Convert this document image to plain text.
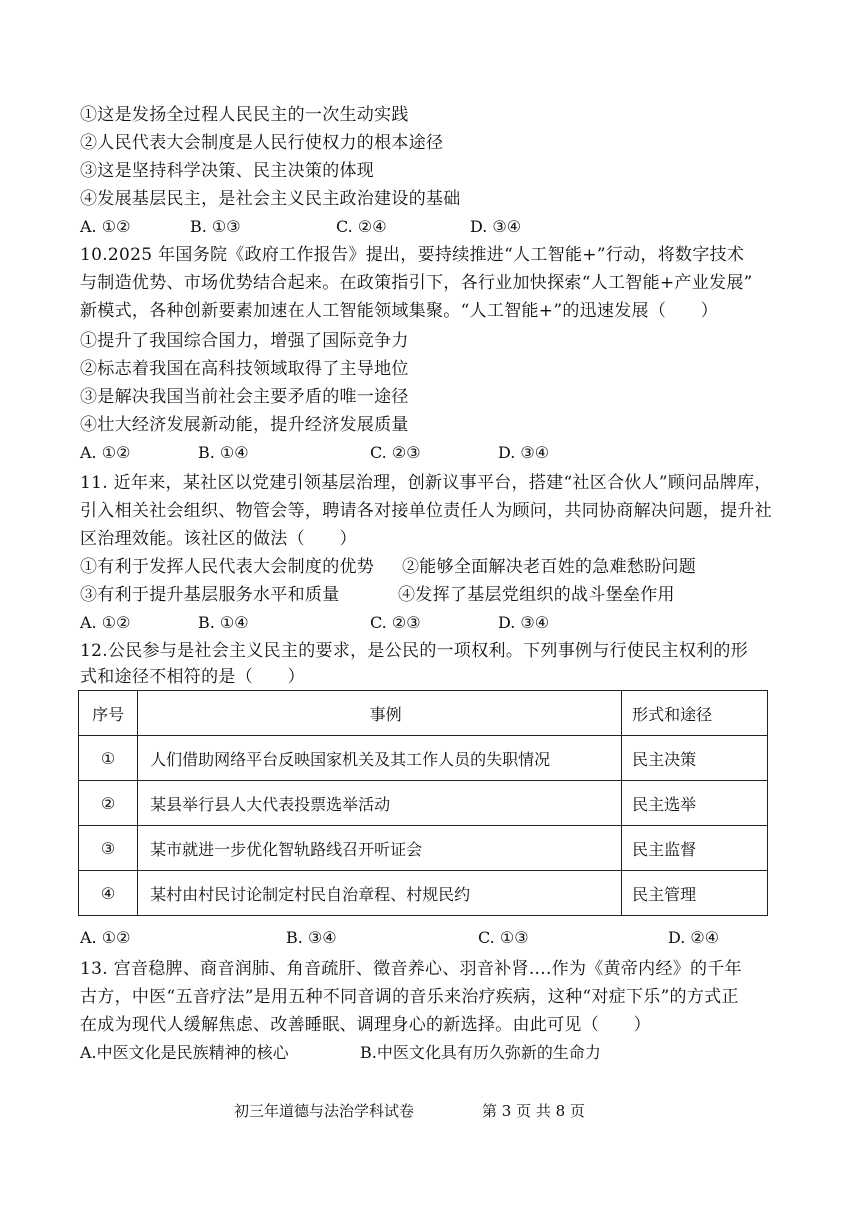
①这是发扬全过程人民民主的一次生动实践
②人民代表大会制度是人民行使权力的根本途径
③这是坚持科学决策、民主决策的体现
④发展基层民主，是社会主义民主政治建设的基础
A. ①②	B. ①③	C. ②④	D. ③④
10.2025 年国务院《政府工作报告》提出，要持续推进“人工智能+”行动，将数字技术
与制造优势、市场优势结合起来。在政策指引下，各行业加快探索“人工智能+产业发展”
新模式，各种创新要素加速在人工智能领域集聚。“人工智能+”的迅速发展（　　）
①提升了我国综合国力，增强了国际竞争力
②标志着我国在高科技领域取得了主导地位
③是解决我国当前社会主要矛盾的唯一途径
④壮大经济发展新动能，提升经济发展质量
A. ①②	B. ①④	C. ②③	D. ③④
11. 近年来，某社区以党建引领基层治理，创新议事平台，搭建“社区合伙人”顾问品牌库，
引入相关社会组织、物管会等，聘请各对接单位责任人为顾问，共同协商解决问题，提升社
区治理效能。该社区的做法（　　）
①有利于发挥人民代表大会制度的优势 ②能够全面解决老百姓的急难愁盼问题
③有利于提升基层服务水平和质量	④发挥了基层党组织的战斗堡垒作用
A. ①②	B. ①④	C. ②③	D. ③④
12.公民参与是社会主义民主的要求，是公民的一项权利。下列事例与行使民主权利的形
式和途径不相符的是（　　）
序号	事例	形式和途径
①	人们借助网络平台反映国家机关及其工作人员的失职情况	民主决策
②	某县举行县人大代表投票选举活动	民主选举
③	某市就进一步优化智轨路线召开听证会	民主监督
④	某村由村民讨论制定村民自治章程、村规民约	民主管理
A. ①②	B. ③④	C. ①③	D. ②④
13. 宫音稳脾、商音润肺、角音疏肝、徵音养心、羽音补肾....作为《黄帝内经》的千年
古方，中医“五音疗法”是用五种不同音调的音乐来治疗疾病，这种“对症下乐”的方式正
在成为现代人缓解焦虑、改善睡眠、调理身心的新选择。由此可见（　　）
A.中医文化是民族精神的核心	B.中医文化具有历久弥新的生命力
初三年道德与法治学科试卷	第 3 页 共 8 页
